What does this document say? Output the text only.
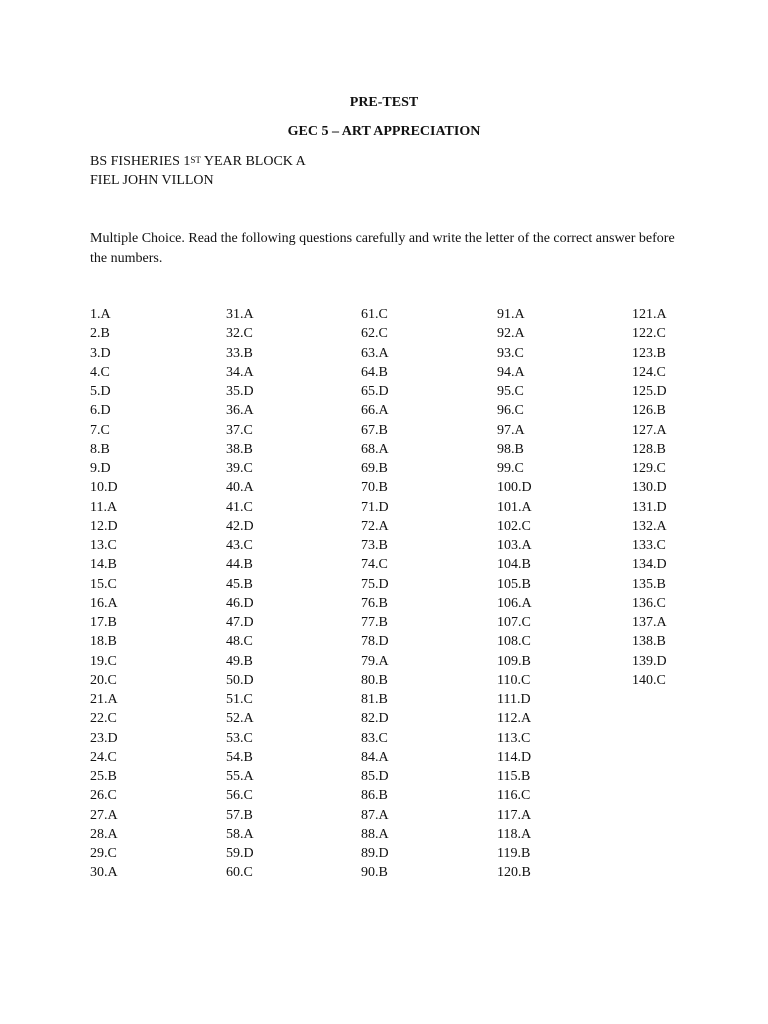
PRE-TEST
GEC 5 – ART APPRECIATION
BS FISHERIES 1ST YEAR BLOCK A
FIEL JOHN VILLON
Multiple Choice. Read the following questions carefully and write the letter of the correct answer before the numbers.
1.A
2.B
3.D
4.C
5.D
6.D
7.C
8.B
9.D
10.D
11.A
12.D
13.C
14.B
15.C
16.A
17.B
18.B
19.C
20.C
21.A
22.C
23.D
24.C
25.B
26.C
27.A
28.A
29.C
30.A
31.A
32.C
33.B
34.A
35.D
36.A
37.C
38.B
39.C
40.A
41.C
42.D
43.C
44.B
45.B
46.D
47.D
48.C
49.B
50.D
51.C
52.A
53.C
54.B
55.A
56.C
57.B
58.A
59.D
60.C
61.C
62.C
63.A
64.B
65.D
66.A
67.B
68.A
69.B
70.B
71.D
72.A
73.B
74.C
75.D
76.B
77.B
78.D
79.A
80.B
81.B
82.D
83.C
84.A
85.D
86.B
87.A
88.A
89.D
90.B
91.A
92.A
93.C
94.A
95.C
96.C
97.A
98.B
99.C
100.D
101.A
102.C
103.A
104.B
105.B
106.A
107.C
108.C
109.B
110.C
111.D
112.A
113.C
114.D
115.B
116.C
117.A
118.A
119.B
120.B
121.A
122.C
123.B
124.C
125.D
126.B
127.A
128.B
129.C
130.D
131.D
132.A
133.C
134.D
135.B
136.C
137.A
138.B
139.D
140.C
